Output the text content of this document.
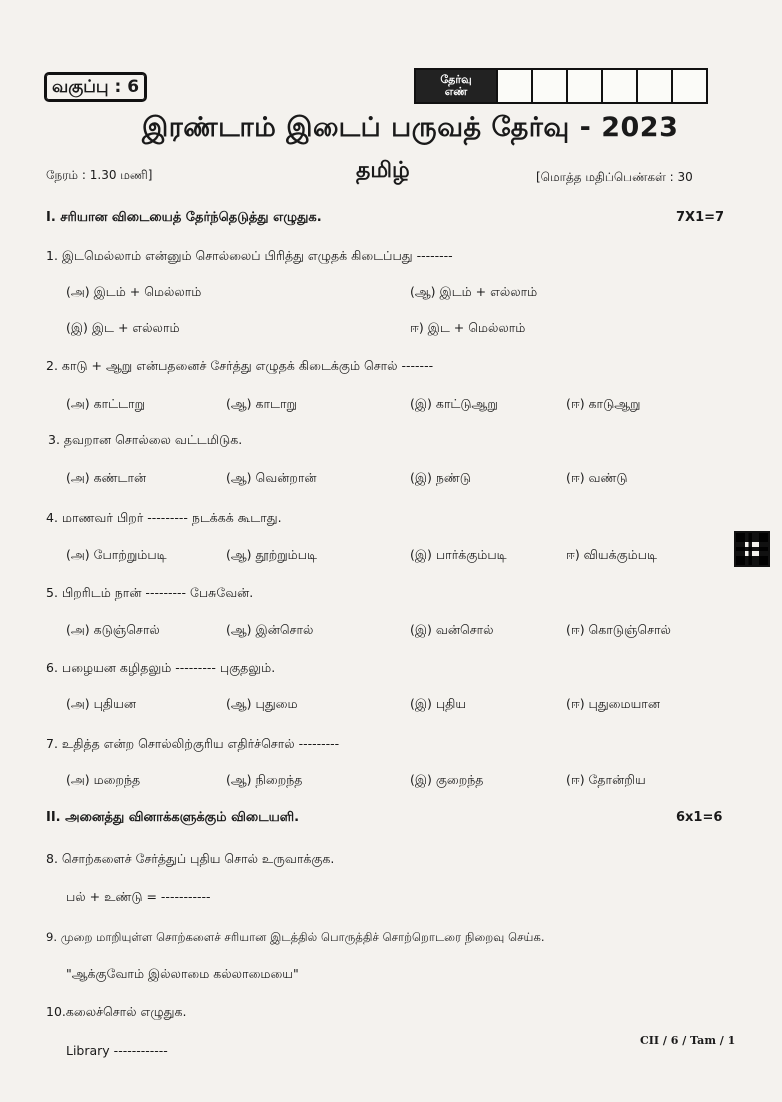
வகுப்பு : 6	தேர்வு
எண்
இரண்டாம் இடைப் பருவத் தேர்வு - 2023
தமிழ்
நேரம் : 1.30 மணி]	[மொத்த மதிப்பெண்கள் : 30
I. சரியான விடையைத் தேர்ந்தெடுத்து எழுதுக.	7X1=7
1. இடமெல்லாம் என்னும் சொல்லைப் பிரித்து எழுதக் கிடைப்பது --------
(அ) இடம் + மெல்லாம்	(ஆ) இடம் + எல்லாம்
(இ) இட + எல்லாம்	ஈ) இட + மெல்லாம்
2. காடு + ஆறு என்பதனைச் சேர்த்து எழுதக் கிடைக்கும் சொல் -------
(அ) காட்டாறு	(ஆ) காடாறு	(இ) காட்டுஆறு	(ஈ) காடுஆறு
3. தவறான சொல்லை வட்டமிடுக.
(அ) கண்டான்	(ஆ) வென்றான்	(இ) நண்டு	(ஈ) வண்டு
4. மாணவர் பிறர் --------- நடக்கக் கூடாது.
(அ) போற்றும்படி	(ஆ) தூற்றும்படி	(இ) பார்க்கும்படி	ஈ) வியக்கும்படி
5. பிறரிடம் நான் --------- பேசுவேன்.
(அ) கடுஞ்சொல்	(ஆ) இன்சொல்	(இ) வன்சொல்	(ஈ) கொடுஞ்சொல்
6. பழையன கழிதலும் --------- புகுதலும்.
(அ) புதியன	(ஆ) புதுமை	(இ) புதிய	(ஈ) புதுமையான
7. உதித்த என்ற சொல்லிற்குரிய எதிர்ச்சொல் ---------
(அ) மறைந்த	(ஆ) நிறைந்த	(இ) குறைந்த	(ஈ) தோன்றிய
II. அனைத்து வினாக்களுக்கும் விடையளி.	6x1=6
8. சொற்களைச் சேர்த்துப் புதிய சொல் உருவாக்குக.
பல் + உண்டு = -----------
9. முறை மாறியுள்ள சொற்களைச் சரியான இடத்தில் பொருத்திச் சொற்றொடரை நிறைவு செய்க.
"ஆக்குவோம் இல்லாமை கல்லாமையை"
10.கலைச்சொல் எழுதுக.
Library ------------
CII / 6 / Tam / 1
